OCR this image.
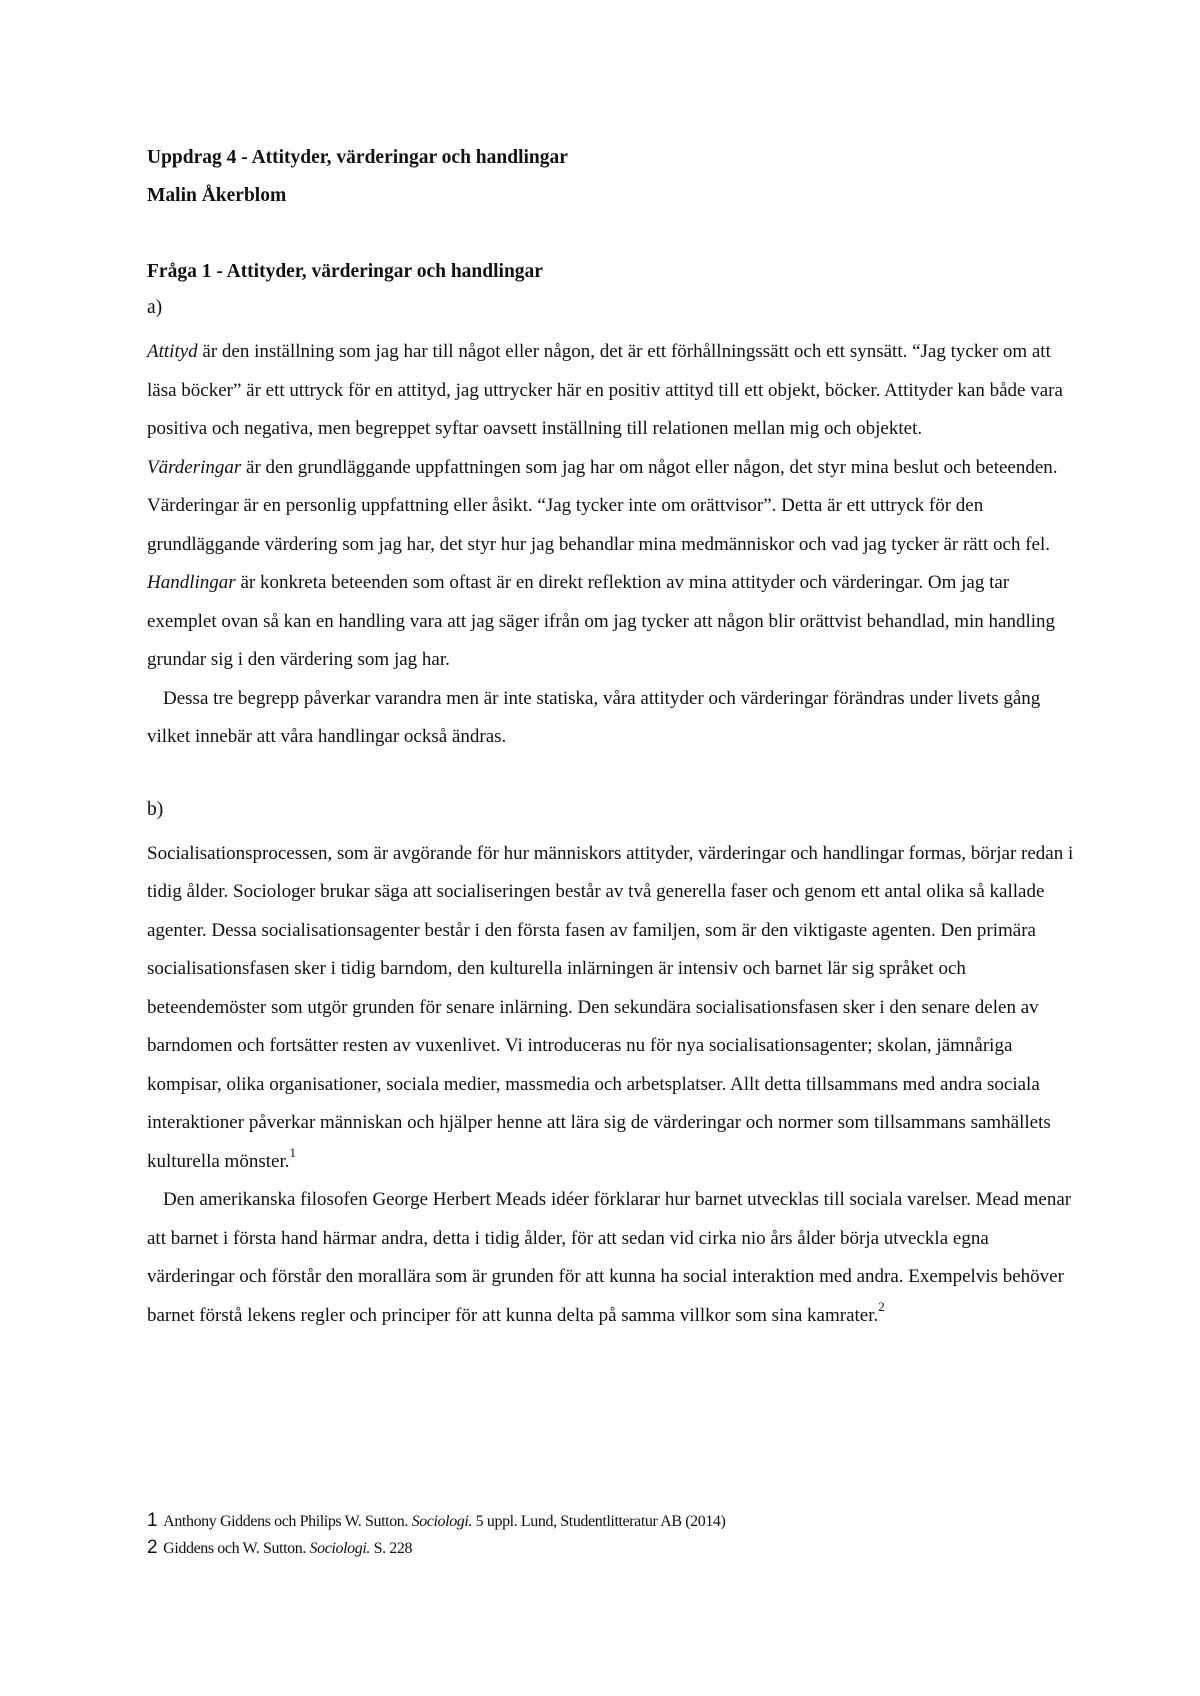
Uppdrag 4 - Attityder, värderingar och handlingar

Malin Åkerblom

Fråga 1 - Attityder, värderingar och handlingar

a)

Attityd är den inställning som jag har till något eller någon, det är ett förhållningssätt och ett synsätt. “Jag tycker om att läsa böcker” är ett uttryck för en attityd, jag uttrycker här en positiv attityd till ett objekt, böcker. Attityder kan både vara positiva och negativa, men begreppet syftar oavsett inställning till relationen mellan mig och objektet.

Värderingar är den grundläggande uppfattningen som jag har om något eller någon, det styr mina beslut och beteenden. Värderingar är en personlig uppfattning eller åsikt. “Jag tycker inte om orättvisor”. Detta är ett uttryck för den grundläggande värdering som jag har, det styr hur jag behandlar mina medmänniskor och vad jag tycker är rätt och fel.

Handlingar är konkreta beteenden som oftast är en direkt reflektion av mina attityder och värderingar. Om jag tar exemplet ovan så kan en handling vara att jag säger ifrån om jag tycker att någon blir orättvist behandlad, min handling grundar sig i den värdering som jag har.

Dessa tre begrepp påverkar varandra men är inte statiska, våra attityder och värderingar förändras under livets gång vilket innebär att våra handlingar också ändras.

b)

Socialisationsprocessen, som är avgörande för hur människors attityder, värderingar och handlingar formas, börjar redan i tidig ålder. Sociologer brukar säga att socialiseringen består av två generella faser och genom ett antal olika så kallade agenter. Dessa socialisationsagenter består i den första fasen av familjen, som är den viktigaste agenten. Den primära socialisationsfasen sker i tidig barndom, den kulturella inlärningen är intensiv och barnet lär sig språket och beteendemöster som utgör grunden för senare inlärning. Den sekundära socialisationsfasen sker i den senare delen av barndomen och fortsätter resten av vuxenlivet. Vi introduceras nu för nya socialisationsagenter; skolan, jämnåriga kompisar, olika organisationer, sociala medier, massmedia och arbetsplatser. Allt detta tillsammans med andra sociala interaktioner påverkar människan och hjälper henne att lära sig de värderingar och normer som tillsammans samhällets kulturella mönster.$^1$

Den amerikanska filosofen George Herbert Meads idéer förklarar hur barnet utvecklas till sociala varelser. Mead menar att barnet i första hand härmar andra, detta i tidig ålder, för att sedan vid cirka nio års ålder börja utveckla egna värderingar och förstår den morallära som är grunden för att kunna ha social interaktion med andra. Exempelvis behöver barnet förstå lekens regler och principer för att kunna delta på samma villkor som sina kamrater.$^2$

1 Anthony Giddens och Philips W. Sutton. Sociologi. 5 uppl. Lund, Studentlitteratur AB (2014)

2 Giddens och W. Sutton. Sociologi. S. 228
